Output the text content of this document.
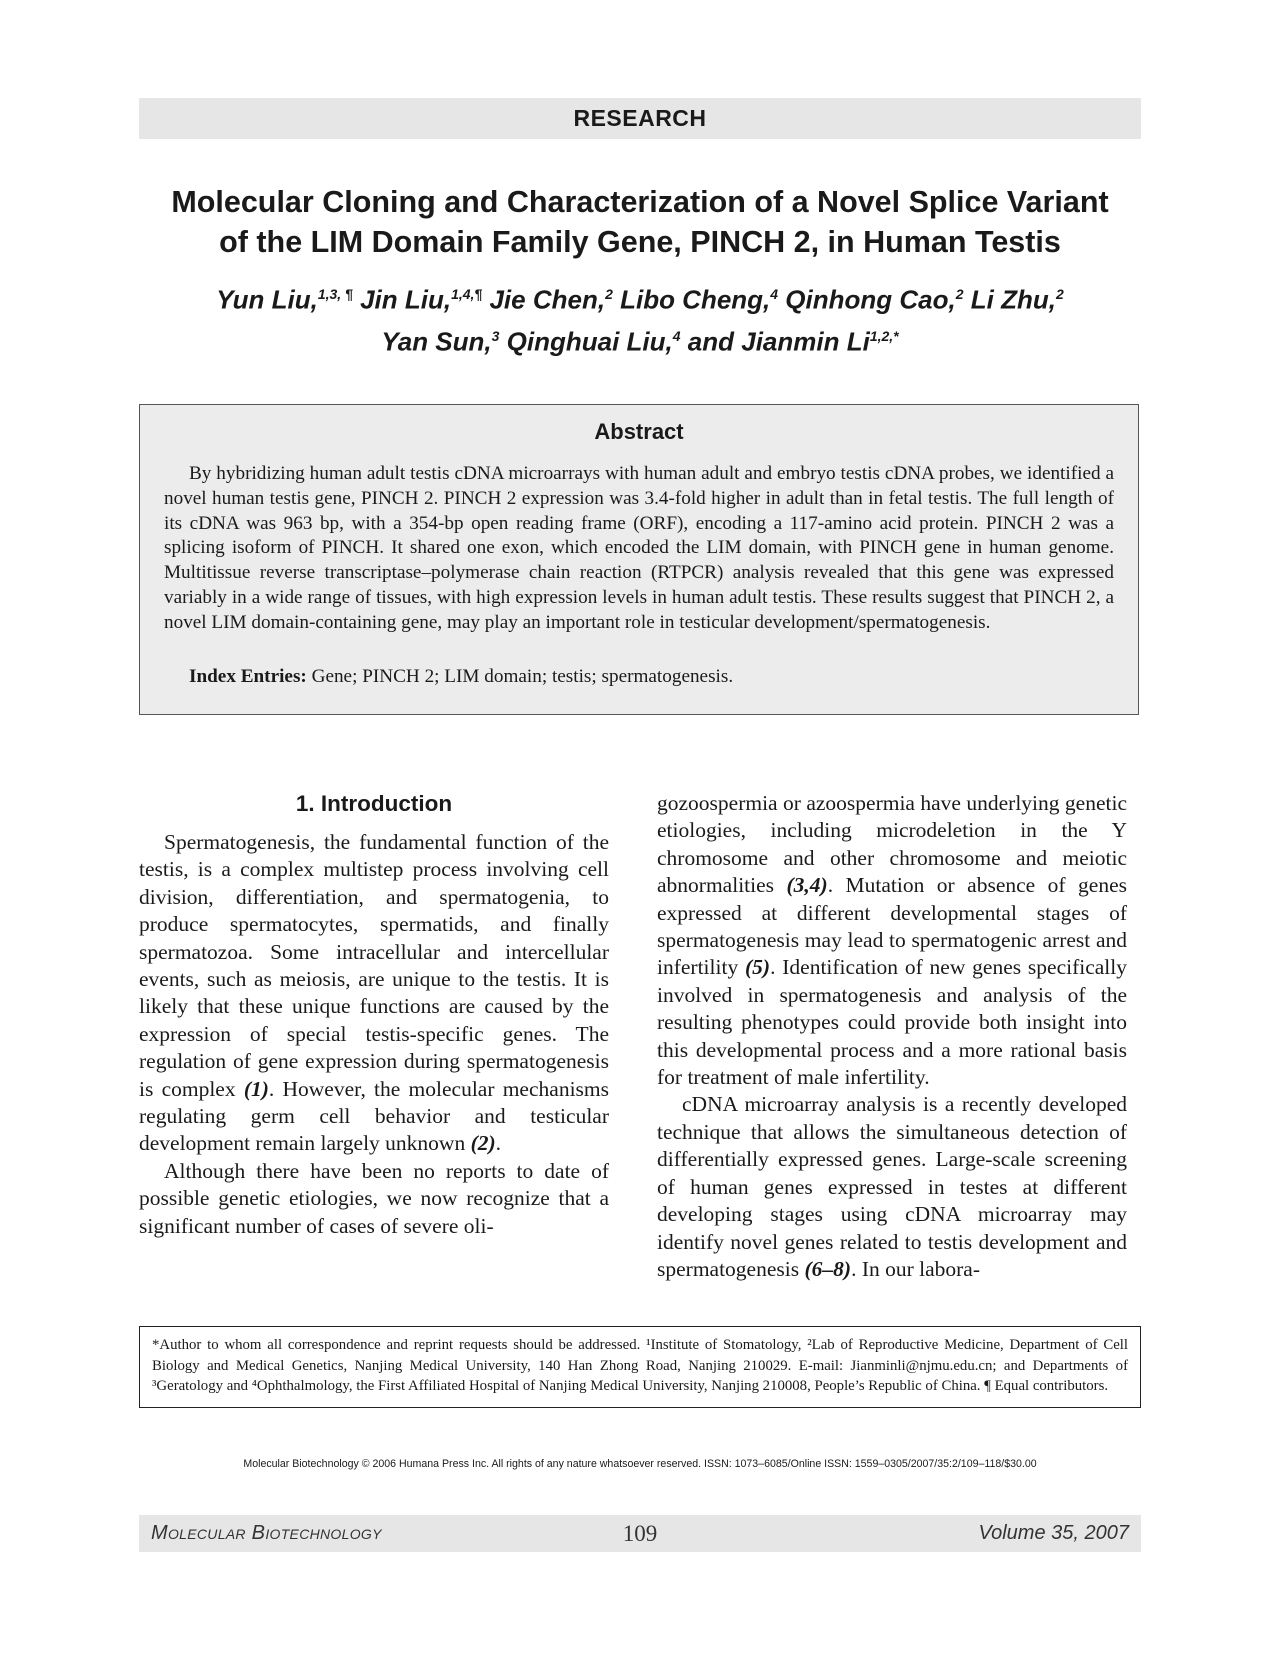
RESEARCH
Molecular Cloning and Characterization of a Novel Splice Variant
of the LIM Domain Family Gene, PINCH 2, in Human Testis
Yun Liu,$^{1,3, \P}$ Jin Liu,$^{1,4,\P}$ Jie Chen,$^2$ Libo Cheng,$^4$ Qinhong Cao,$^2$ Li Zhu,$^2$
Yan Sun,$^3$ Qinghuai Liu,$^4$ and Jianmin $Li^{1,2,*}$
Abstract

By hybridizing human adult testis cDNA microarrays with human adult and embryo testis cDNA probes, we identified a novel human testis gene, PINCH 2. PINCH 2 expression was 3.4-fold higher in adult than in fetal testis. The full length of its cDNA was 963 bp, with a 354-bp open reading frame (ORF), encoding a 117-amino acid protein. PINCH 2 was a splicing isoform of PINCH. It shared one exon, which encoded the LIM domain, with PINCH gene in human genome. Multitissue reverse transcriptase–polymerase chain reaction (RTPCR) analysis revealed that this gene was expressed variably in a wide range of tissues, with high expression levels in human adult testis. These results suggest that PINCH 2, a novel LIM domain-containing gene, may play an important role in testicular development/spermatogenesis.

Index Entries: Gene; PINCH 2; LIM domain; testis; spermatogenesis.

1. Introduction

Spermatogenesis, the fundamental function of the testis, is a complex multistep process involving cell division, differentiation, and spermatogenia, to produce spermatocytes, spermatids, and finally spermatozoa. Some intracellular and intercellular events, such as meiosis, are unique to the testis. It is likely that these unique functions are caused by the expression of special testis-specific genes. The regulation of gene expression during spermatogenesis is complex (1). However, the molecular mechanisms regulating germ cell behavior and testicular development remain largely unknown (2).

Although there have been no reports to date of possible genetic etiologies, we now recognize that a significant number of cases of severe oli-

gozoospermia or azoospermia have underlying genetic etiologies, including microdeletion in the Y chromosome and other chromosome and meiotic abnormalities (3,4). Mutation or absence of genes expressed at different developmental stages of spermatogenesis may lead to spermatogenic arrest and infertility (5). Identification of new genes specifically involved in spermatogenesis and analysis of the resulting phenotypes could provide both insight into this developmental process and a more rational basis for treatment of male infertility.

cDNA microarray analysis is a recently developed technique that allows the simultaneous detection of differentially expressed genes. Large-scale screening of human genes expressed in testes at different developing stages using cDNA microarray may identify novel genes related to testis development and spermatogenesis (6–8). In our labora-

*Author to whom all correspondence and reprint requests should be addressed. ¹Institute of Stomatology, ²Lab of Reproductive Medicine, Department of Cell Biology and Medical Genetics, Nanjing Medical University, 140 Han Zhong Road, Nanjing 210029. E-mail: Jianminli@njmu.edu.cn; and Departments of ³Geratology and ⁴Ophthalmology, the First Affiliated Hospital of Nanjing Medical University, Nanjing 210008, People’s Republic of China. ¶ Equal contributors.

Molecular Biotechnology © 2006 Humana Press Inc. All rights of any nature whatsoever reserved. ISSN: 1073–6085/Online ISSN: 1559–0305/2007/35:2/109–118/$30.00

Molecular Biotechnology	109	Volume 35, 2007
